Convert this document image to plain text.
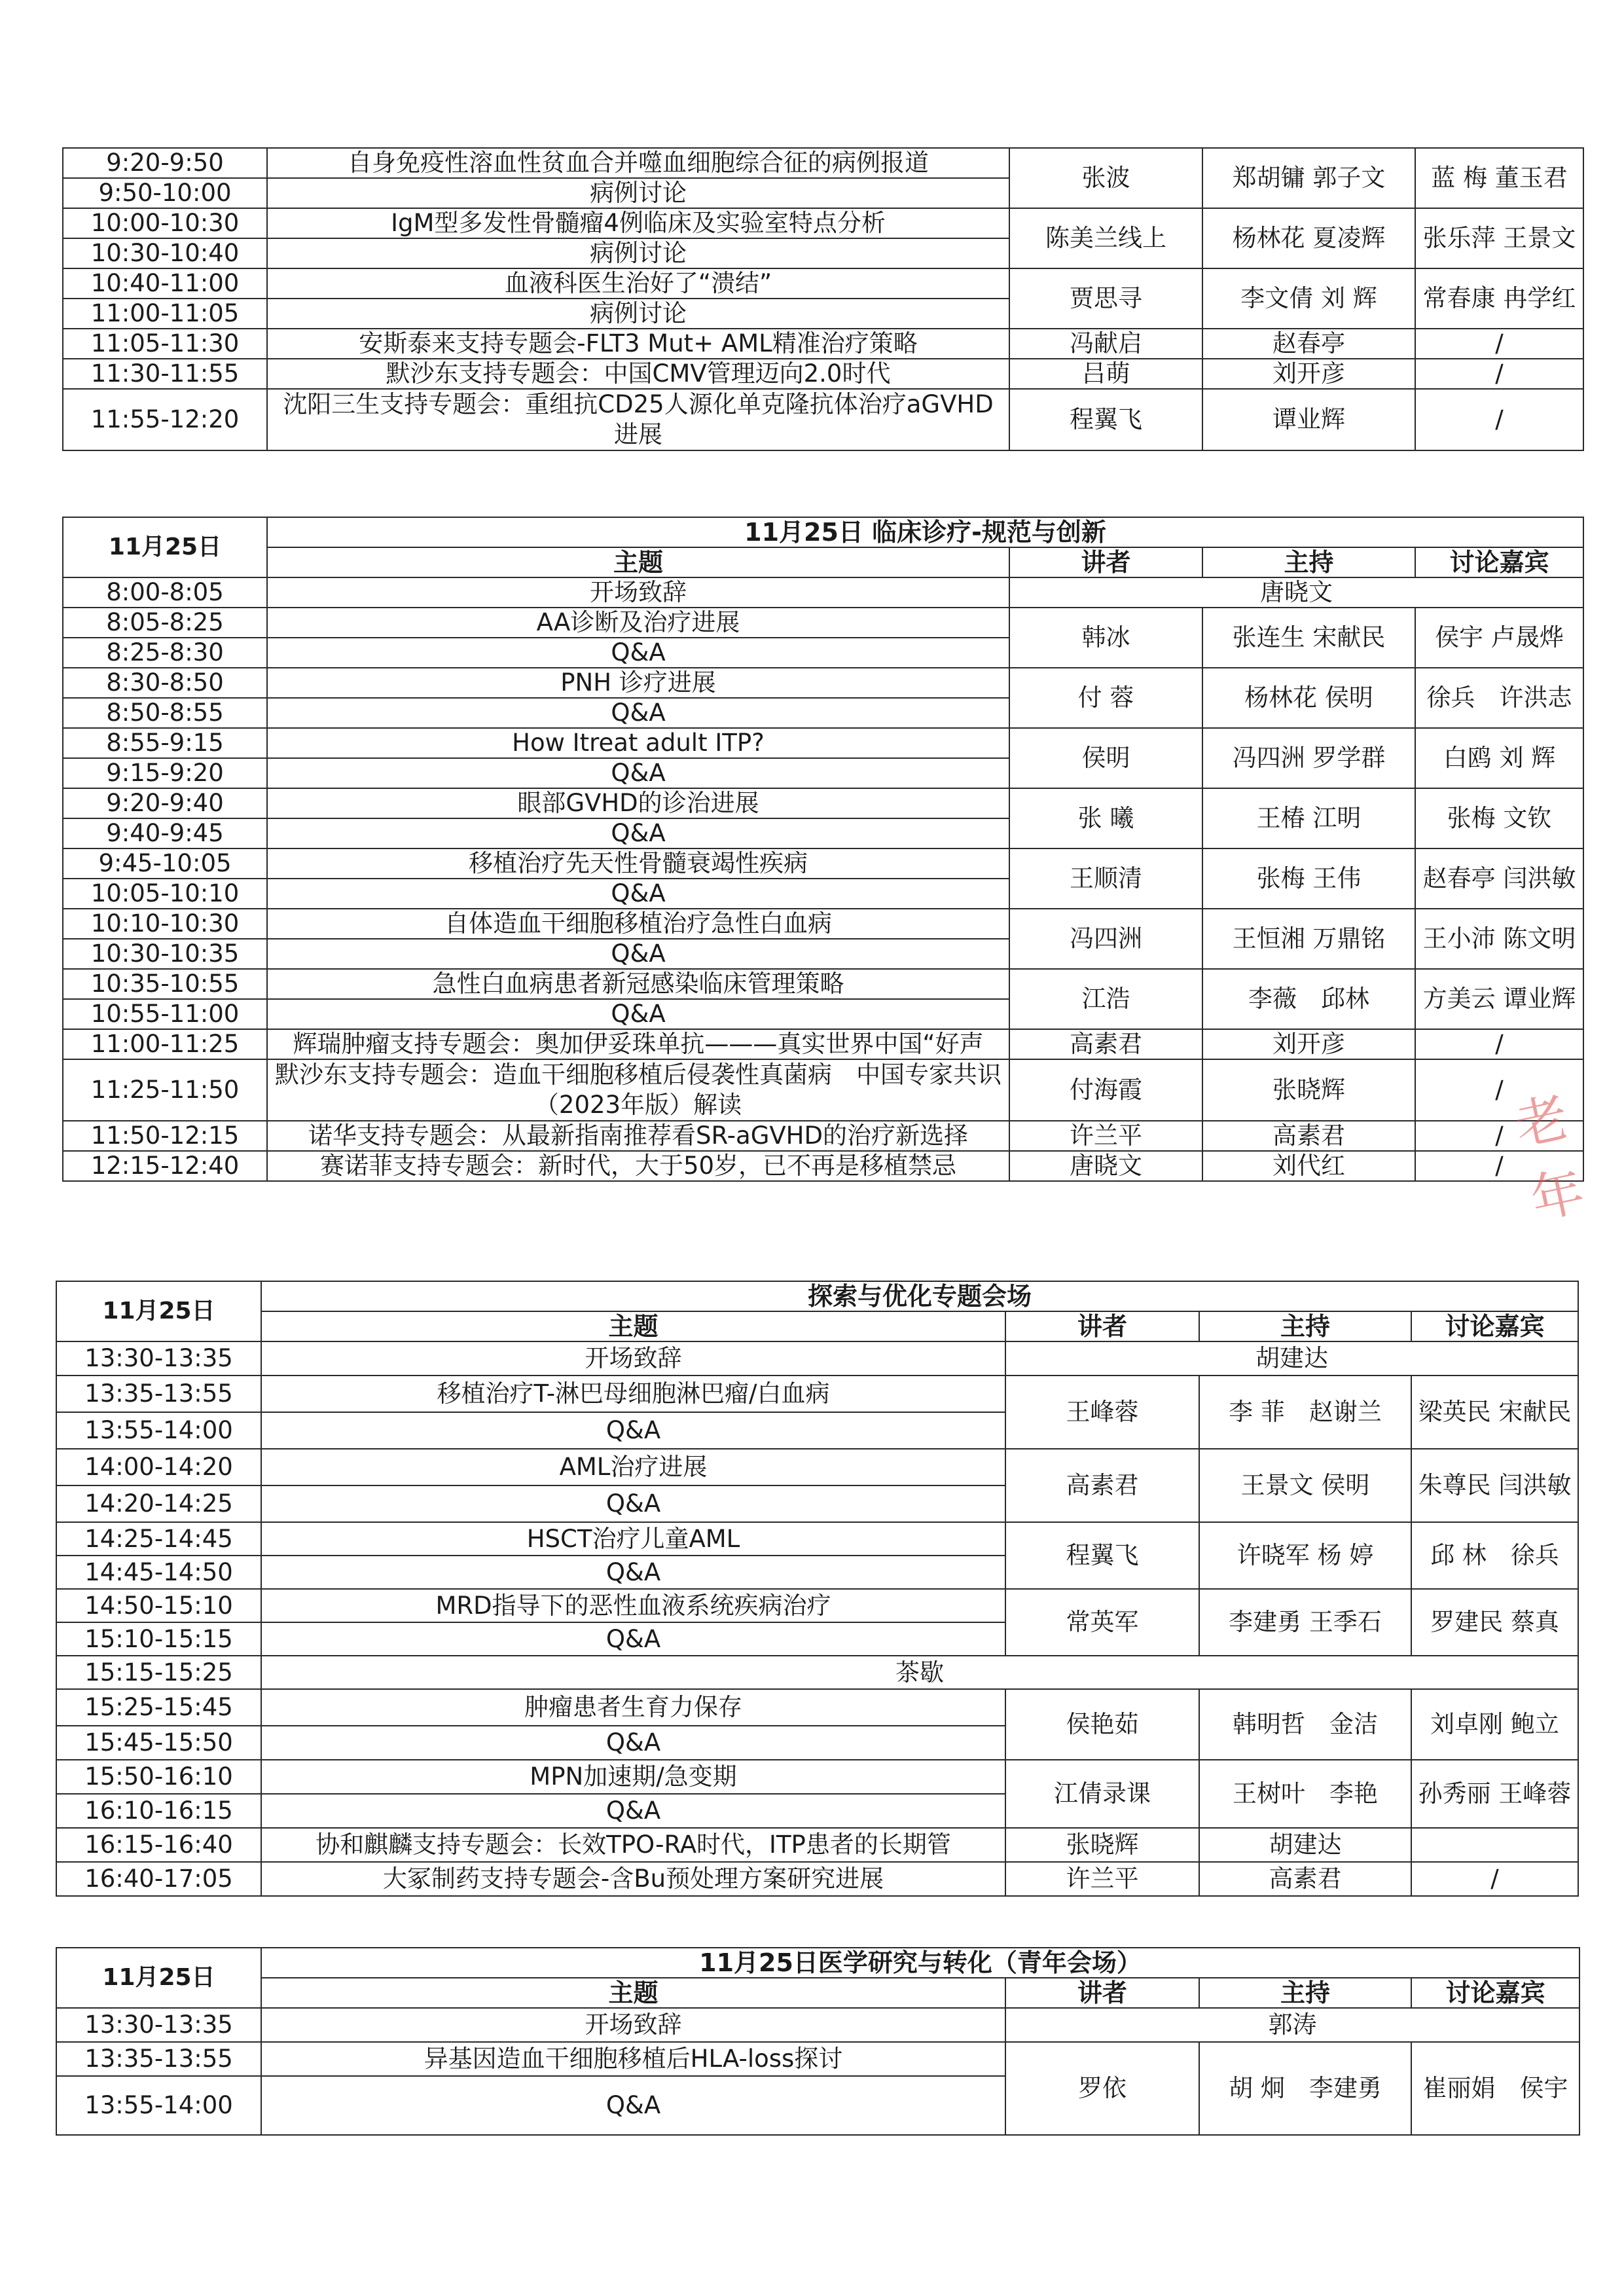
9:20-9:50	自身免疫性溶血性贫血合并噬血细胞综合征的病例报道	张波	郑胡镛 郭子文	蓝 梅 董玉君
9:50-10:00	病例讨论			
10:00-10:30	IgM型多发性骨髓瘤4例临床及实验室特点分析	陈美兰线上	杨林花 夏凌辉	张乐萍 王景文
10:30-10:40	病例讨论			
10:40-11:00	血液科医生治好了“溃结”	贾思寻	李文倩 刘 辉	常春康 冉学红
11:00-11:05	病例讨论			
11:05-11:30	安斯泰来支持专题会-FLT3 Mut+ AML精准治疗策略	冯献启	赵春亭	/
11:30-11:55	默沙东支持专题会：中国CMV管理迈向2.0时代	吕萌	刘开彦	/
11:55-12:20	沈阳三生支持专题会：重组抗CD25人源化单克隆抗体治疗aGVHD进展	程翼飞	谭业辉	/
11月25日	11月25日 临床诊疗-规范与创新			
	主题	讲者	主持	讨论嘉宾
8:00-8:05	开场致辞	唐晓文		
8:05-8:25	AA诊断及治疗进展	韩冰	张连生 宋献民	侯宇 卢晟烨
8:25-8:30	Q&A			
8:30-8:50	PNH 诊疗进展	付 蓉	杨林花 侯明	徐兵　许洪志
8:50-8:55	Q&A			
8:55-9:15	How Itreat adult ITP?	侯明	冯四洲 罗学群	白鸥 刘 辉
9:15-9:20	Q&A			
9:20-9:40	眼部GVHD的诊治进展	张 曦	王椿 江明	张梅 文钦
9:40-9:45	Q&A			
9:45-10:05	移植治疗先天性骨髓衰竭性疾病	王顺清	张梅 王伟	赵春亭 闫洪敏
10:05-10:10	Q&A			
10:10-10:30	自体造血干细胞移植治疗急性白血病	冯四洲	王恒湘 万鼎铭	王小沛 陈文明
10:30-10:35	Q&A			
10:35-10:55	急性白血病患者新冠感染临床管理策略	江浩	李薇　邱林	方美云 谭业辉
10:55-11:00	Q&A			
11:00-11:25	辉瑞肿瘤支持专题会：奥加伊妥珠单抗———真实世界中国“好声	高素君	刘开彦	/
11:25-11:50	默沙东支持专题会：造血干细胞移植后侵袭性真菌病　中国专家共识（2023年版）解读	付海霞	张晓辉	/
11:50-12:15	诺华支持专题会：从最新指南推荐看SR-aGVHD的治疗新选择	许兰平	高素君	/
12:15-12:40	赛诺菲支持专题会：新时代，大于50岁，已不再是移植禁忌	唐晓文	刘代红	/
11月25日	探索与优化专题会场			
	主题	讲者	主持	讨论嘉宾
13:30-13:35	开场致辞	胡建达		
13:35-13:55	移植治疗T-淋巴母细胞淋巴瘤/白血病	王峰蓉	李 菲　赵谢兰	梁英民 宋献民
13:55-14:00	Q&A			
14:00-14:20	AML治疗进展	高素君	王景文 侯明	朱尊民 闫洪敏
14:20-14:25	Q&A			
14:25-14:45	HSCT治疗儿童AML	程翼飞	许晓军 杨 婷	邱 林　徐兵
14:45-14:50	Q&A			
14:50-15:10	MRD指导下的恶性血液系统疾病治疗	常英军	李建勇 王季石	罗建民 蔡真
15:10-15:15	Q&A			
15:15-15:25	茶歇			
15:25-15:45	肿瘤患者生育力保存	侯艳茹	韩明哲　金洁	刘卓刚 鲍立
15:45-15:50	Q&A			
15:50-16:10	MPN加速期/急变期	江倩录课	王树叶　李艳	孙秀丽 王峰蓉
16:10-16:15	Q&A			
16:15-16:40	协和麒麟支持专题会：长效TPO-RA时代，ITP患者的长期管	张晓辉	胡建达	
16:40-17:05	大冢制药支持专题会-含Bu预处理方案研究进展	许兰平	高素君	/
11月25日	11月25日医学研究与转化（青年会场）			
	主题	讲者	主持	讨论嘉宾
13:30-13:35	开场致辞	郭涛		
13:35-13:55	异基因造血干细胞移植后HLA-loss探讨	罗依	胡 炯　李建勇	崔丽娟　侯宇
13:55-14:00	Q&A			
老年
